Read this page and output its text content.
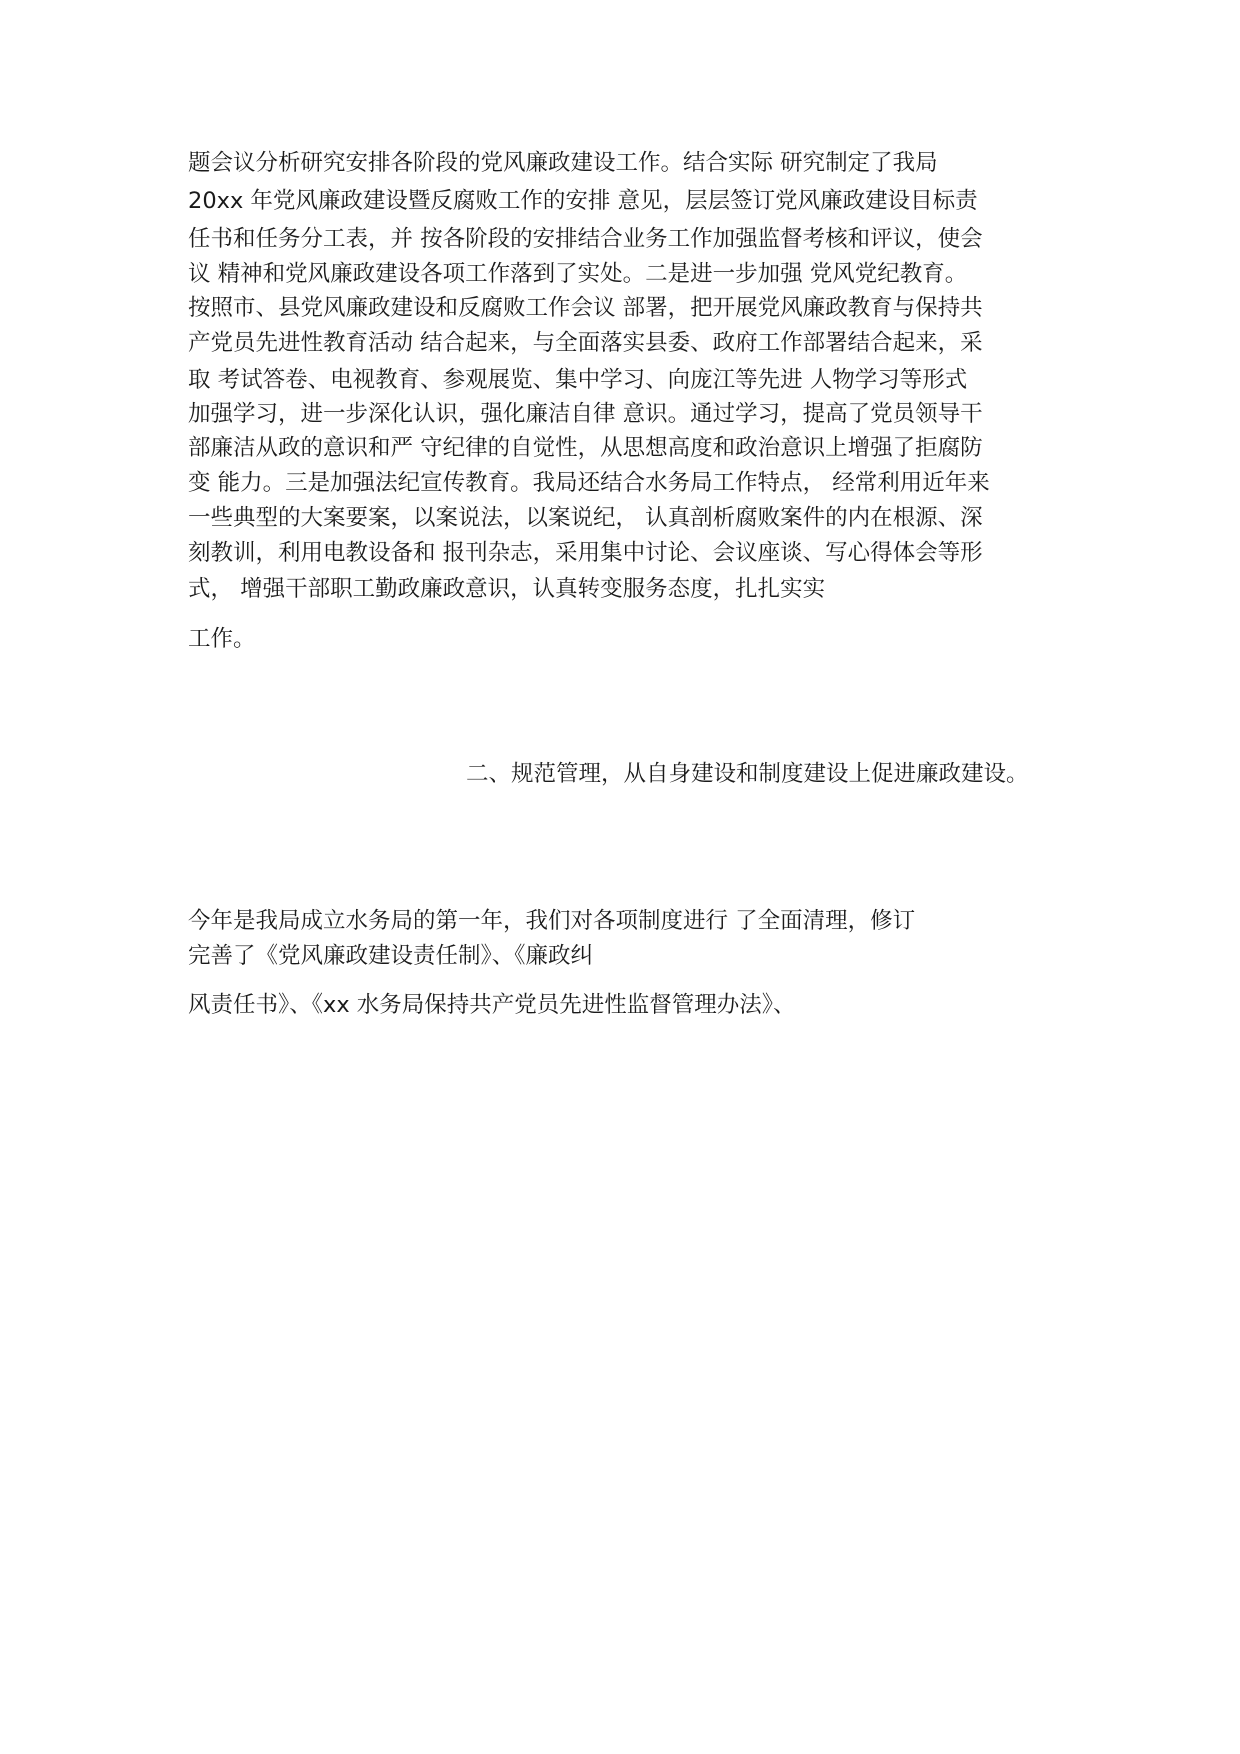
题会议分析研究安排各阶段的党风廉政建设工作。结合实际 研究制定了我局
20xx 年党风廉政建设暨反腐败工作的安排 意见，层层签订党风廉政建设目标责
任书和任务分工表，并 按各阶段的安排结合业务工作加强监督考核和评议，使会
议 精神和党风廉政建设各项工作落到了实处。二是进一步加强 党风党纪教育。
按照市、县党风廉政建设和反腐败工作会议 部署，把开展党风廉政教育与保持共
产党员先进性教育活动 结合起来，与全面落实县委、政府工作部署结合起来，采
取 考试答卷、电视教育、参观展览、集中学习、向庞江等先进 人物学习等形式
加强学习，进一步深化认识，强化廉洁自律 意识。通过学习，提高了党员领导干
部廉洁从政的意识和严 守纪律的自觉性，从思想高度和政治意识上增强了拒腐防
变 能力。三是加强法纪宣传教育。我局还结合水务局工作特点， 经常利用近年来
一些典型的大案要案，以案说法，以案说纪， 认真剖析腐败案件的内在根源、深
刻教训，利用电教设备和 报刊杂志，采用集中讨论、会议座谈、写心得体会等形
式， 增强干部职工勤政廉政意识，认真转变服务态度，扎扎实实
工作。
二、规范管理，从自身建设和制度建设上促进廉政建设。
今年是我局成立水务局的第一年，我们对各项制度进行 了全面清理，修订
完善了《党风廉政建设责任制》、《廉政纠
风责任书》、《xx 水务局保持共产党员先进性监督管理办法》、
